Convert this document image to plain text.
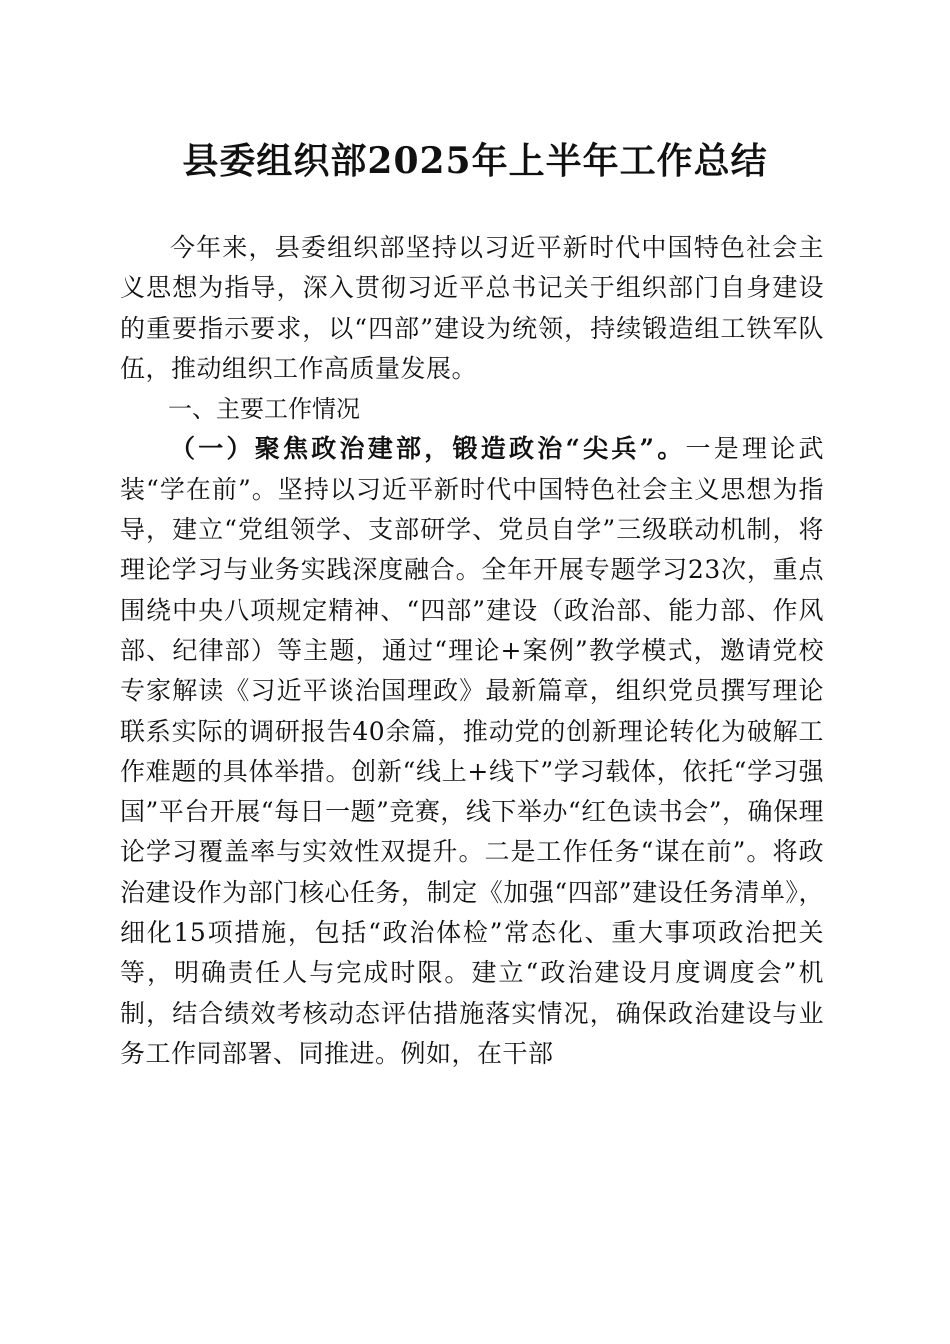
县委组织部2025年上半年工作总结

今年来，县委组织部坚持以习近平新时代中国特色社会主义思想为指导，深入贯彻习近平总书记关于组织部门自身建设的重要指示要求，以“四部”建设为统领，持续锻造组工铁军队伍，推动组织工作高质量发展。

一、主要工作情况

（一）聚焦政治建部，锻造政治“尖兵”。一是理论武装“学在前”。坚持以习近平新时代中国特色社会主义思想为指导，建立“党组领学、支部研学、党员自学”三级联动机制，将理论学习与业务实践深度融合。全年开展专题学习23次，重点围绕中央八项规定精神、“四部”建设（政治部、能力部、作风部、纪律部）等主题，通过“理论+案例”教学模式，邀请党校专家解读《习近平谈治国理政》最新篇章，组织党员撰写理论联系实际的调研报告40余篇，推动党的创新理论转化为破解工作难题的具体举措。创新“线上+线下”学习载体，依托“学习强国”平台开展“每日一题”竞赛，线下举办“红色读书会”，确保理论学习覆盖率与实效性双提升。二是工作任务“谋在前”。将政治建设作为部门核心任务，制定《加强“四部”建设任务清单》，细化15项措施，包括“政治体检”常态化、重大事项政治把关等，明确责任人与完成时限。建立“政治建设月度调度会”机制，结合绩效考核动态评估措施落实情况，确保政治建设与业务工作同部署、同推进。例如，在干部
